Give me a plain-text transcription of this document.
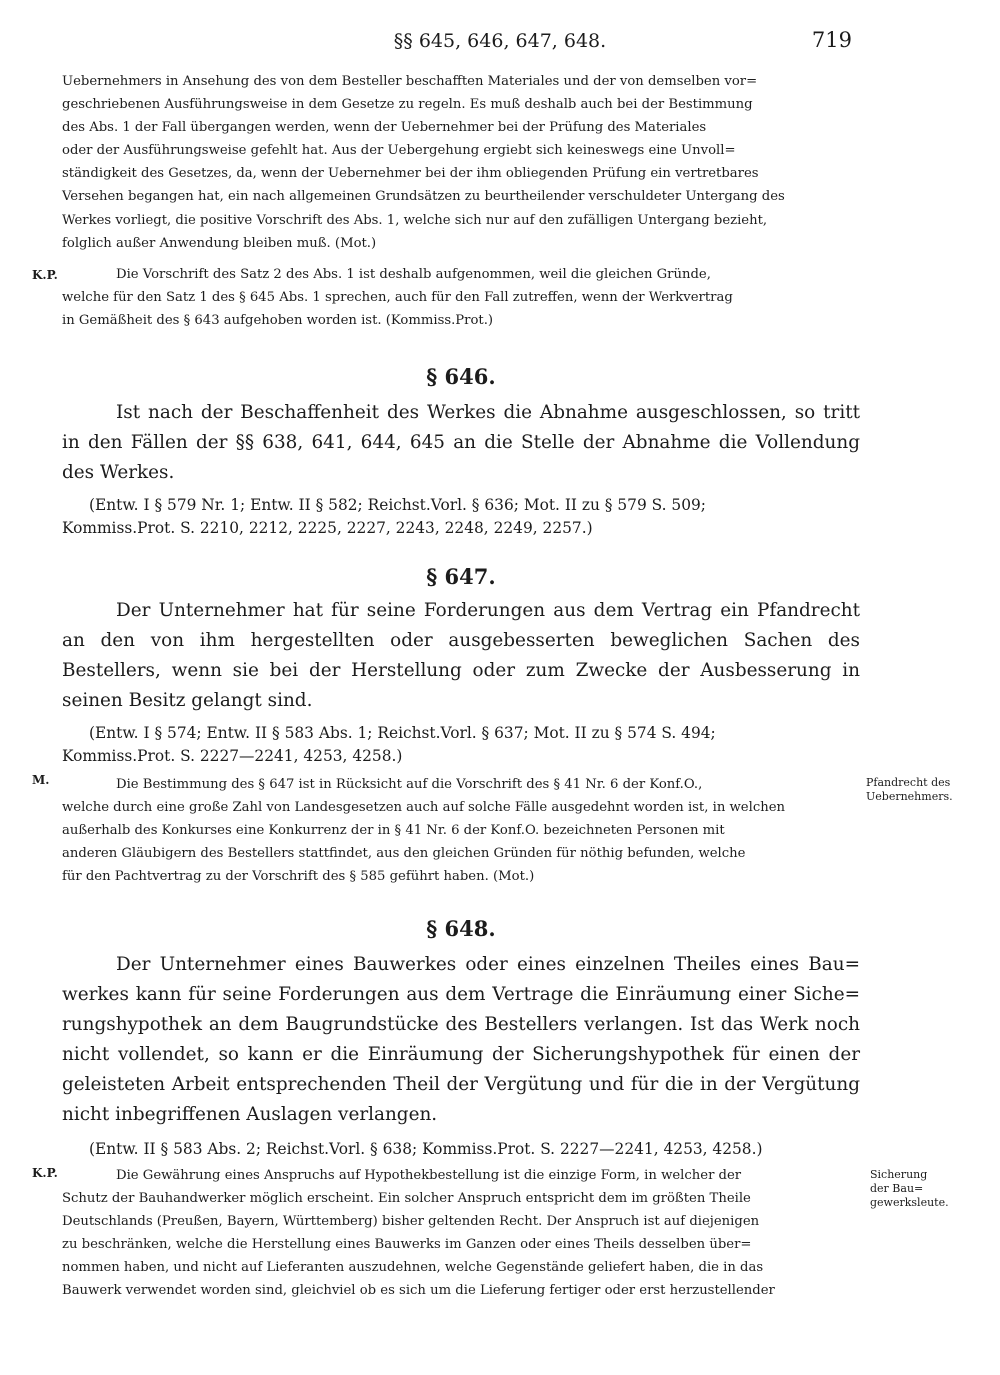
§§ 645, 646, 647, 648.	719

Uebernehmers in Ansehung des von dem Besteller beschafften Materiales und der von demselben vor=

geschriebenen Ausführungsweise in dem Gesetze zu regeln. Es muß deshalb auch bei der Bestimmung

des Abs. 1 der Fall übergangen werden, wenn der Uebernehmer bei der Prüfung des Materiales

oder der Ausführungsweise gefehlt hat. Aus der Uebergehung ergiebt sich keineswegs eine Unvoll=

ständigkeit des Gesetzes, da, wenn der Uebernehmer bei der ihm obliegenden Prüfung ein vertretbares

Versehen begangen hat, ein nach allgemeinen Grundsätzen zu beurtheilender verschuldeter Untergang des

Werkes vorliegt, die positive Vorschrift des Abs. 1, welche sich nur auf den zufälligen Untergang bezieht,

folglich außer Anwendung bleiben muß. (Mot.)

K.P.	Die Vorschrift des Satz 2 des Abs. 1 ist deshalb aufgenommen, weil die gleichen Gründe,

welche für den Satz 1 des § 645 Abs. 1 sprechen, auch für den Fall zutreffen, wenn der Werkvertrag

in Gemäßheit des § 643 aufgehoben worden ist. (Kommiss.Prot.)

§ 646.

Ist nach der Beschaffenheit des Werkes die Abnahme ausgeschlossen, so tritt in den Fällen der §§ 638, 641, 644, 645 an die Stelle der Abnahme die Vollendung des Werkes.

(Entw. I § 579 Nr. 1; Entw. II § 582; Reichst.Vorl. § 636; Mot. II zu § 579 S. 509;

Kommiss.Prot. S. 2210, 2212, 2225, 2227, 2243, 2248, 2249, 2257.)

§ 647.

Der Unternehmer hat für seine Forderungen aus dem Vertrag ein Pfandrecht an den von ihm hergestellten oder ausgebesserten beweglichen Sachen des Bestellers, wenn sie bei der Herstellung oder zum Zwecke der Ausbesserung in seinen Besitz gelangt sind.

(Entw. I § 574; Entw. II § 583 Abs. 1; Reichst.Vorl. § 637; Mot. II zu § 574 S. 494;

Kommiss.Prot. S. 2227—2241, 4253, 4258.)

M.	Die Bestimmung des § 647 ist in Rücksicht auf die Vorschrift des § 41 Nr. 6 der Konf.O.,

welche durch eine große Zahl von Landesgesetzen auch auf solche Fälle ausgedehnt worden ist, in welchen

außerhalb des Konkurses eine Konkurrenz der in § 41 Nr. 6 der Konf.O. bezeichneten Personen mit

anderen Gläubigern des Bestellers stattfindet, aus den gleichen Gründen für nöthig befunden, welche

für den Pachtvertrag zu der Vorschrift des § 585 geführt haben. (Mot.)

Pfandrecht des
Uebernehmers.

§ 648.

Der Unternehmer eines Bauwerkes oder eines einzelnen Theiles eines Bau= werkes kann für seine Forderungen aus dem Vertrage die Einräumung einer Siche= rungshypothek an dem Baugrundstücke des Bestellers verlangen. Ist das Werk noch nicht vollendet, so kann er die Einräumung der Sicherungshypothek für einen der geleisteten Arbeit entsprechenden Theil der Vergütung und für die in der Vergütung nicht inbegriffenen Auslagen verlangen.

(Entw. II § 583 Abs. 2; Reichst.Vorl. § 638; Kommiss.Prot. S. 2227—2241, 4253, 4258.)

K.P.	Die Gewährung eines Anspruchs auf Hypothekbestellung ist die einzige Form, in welcher der

Schutz der Bauhandwerker möglich erscheint. Ein solcher Anspruch entspricht dem im größten Theile

Deutschlands (Preußen, Bayern, Württemberg) bisher geltenden Recht. Der Anspruch ist auf diejenigen

zu beschränken, welche die Herstellung eines Bauwerks im Ganzen oder eines Theils desselben über=

nommen haben, und nicht auf Lieferanten auszudehnen, welche Gegenstände geliefert haben, die in das

Bauwerk verwendet worden sind, gleichviel ob es sich um die Lieferung fertiger oder erst herzustellender

Sicherung
der Bau=
gewerksleute.
